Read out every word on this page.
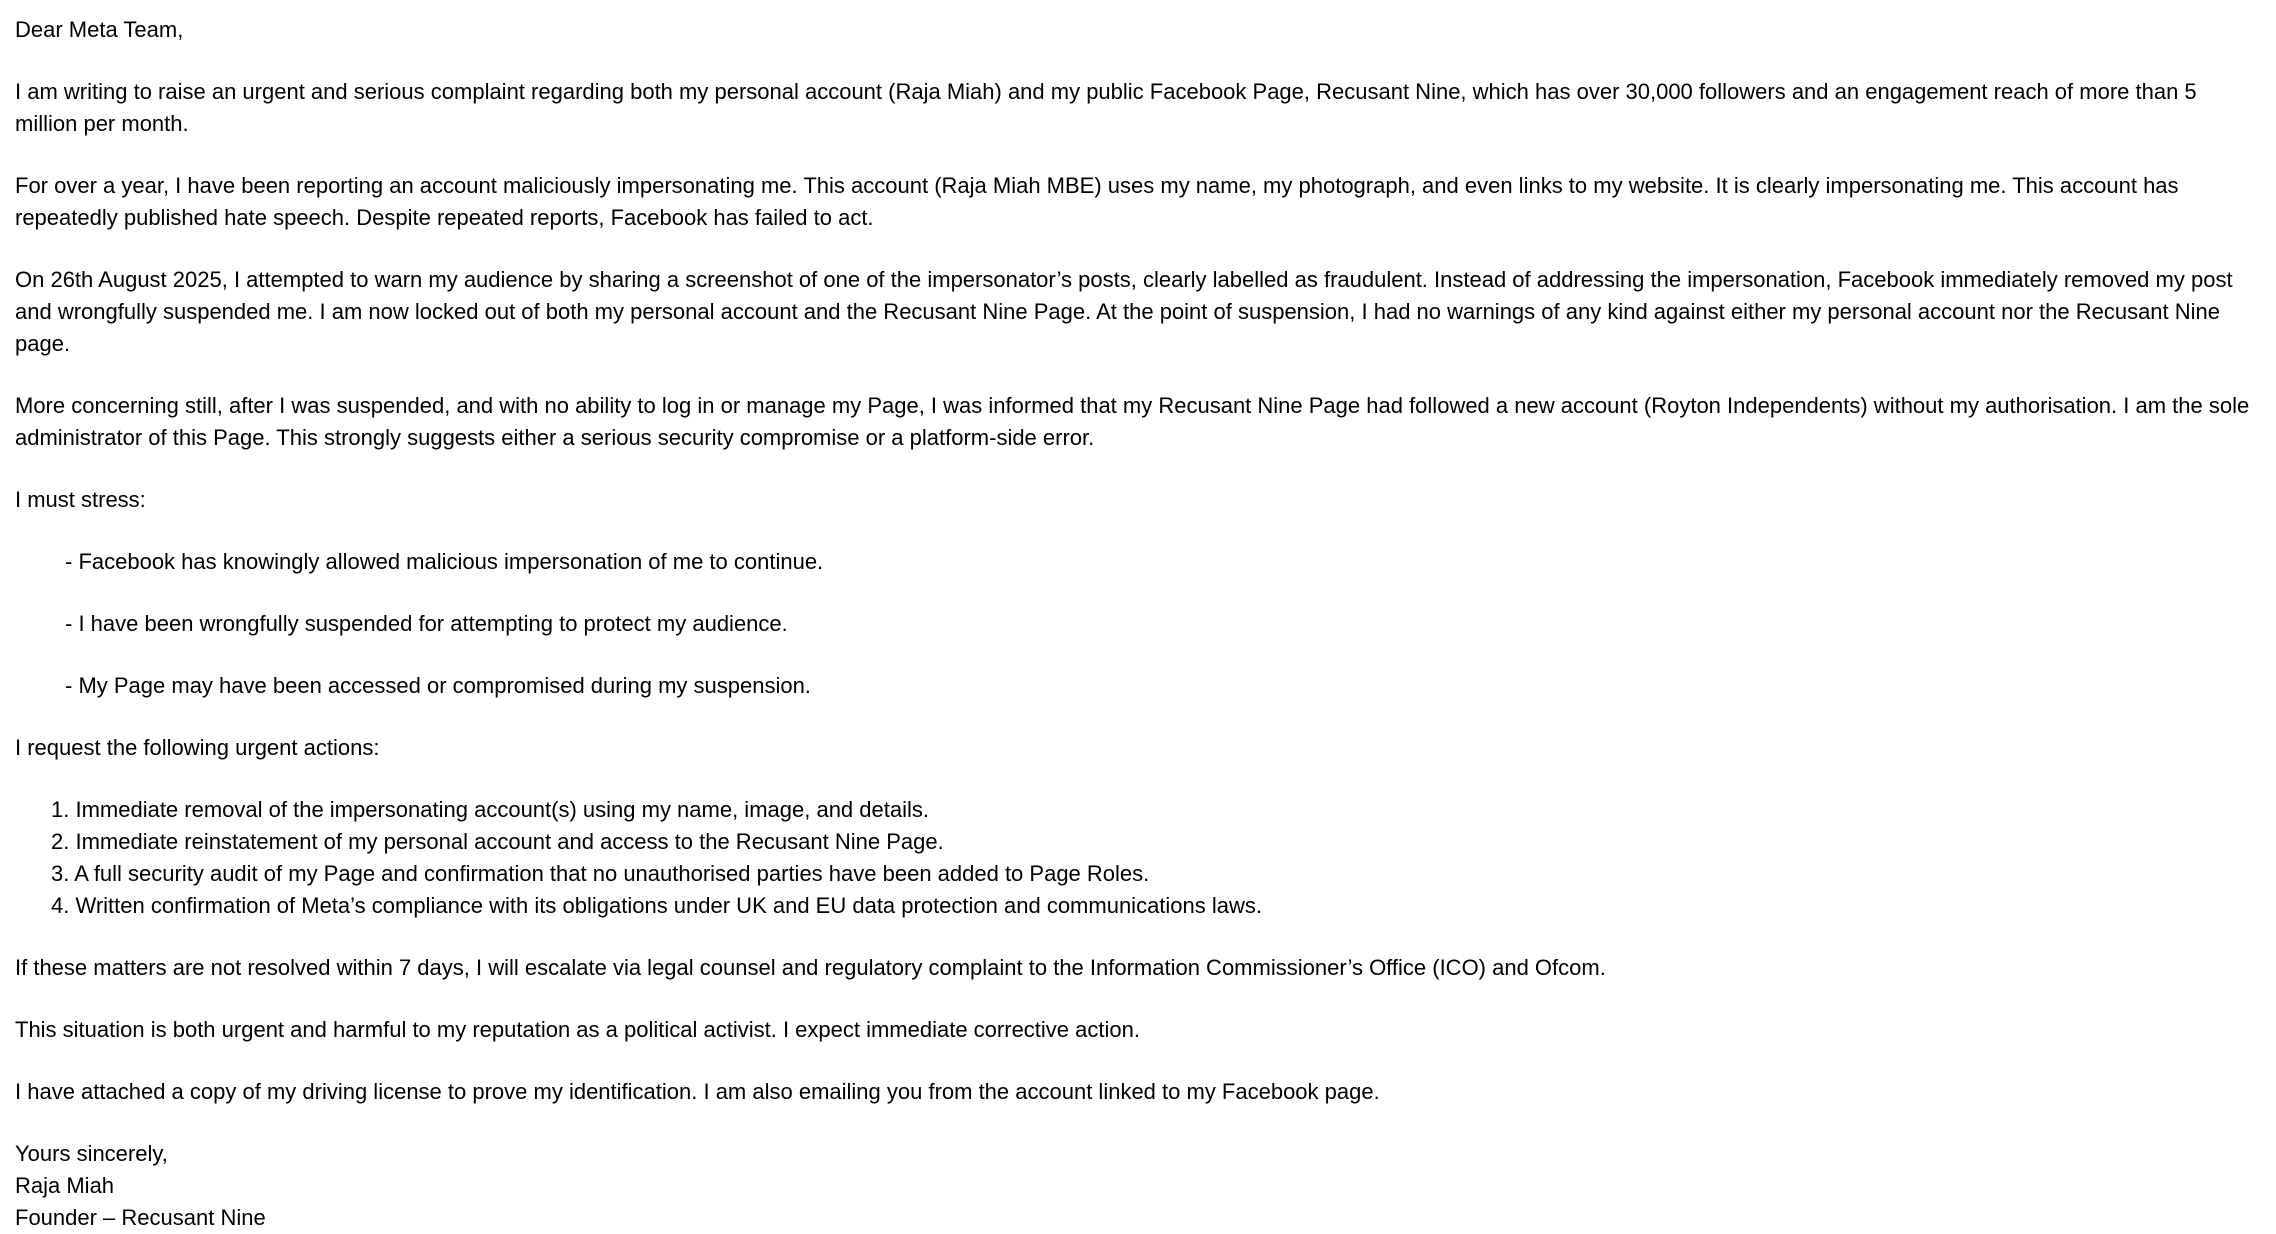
Dear Meta Team,

I am writing to raise an urgent and serious complaint regarding both my personal account (Raja Miah) and my public Facebook Page, Recusant Nine, which has over 30,000 followers and an engagement reach of more than 5 million per month.

For over a year, I have been reporting an account maliciously impersonating me. This account (Raja Miah MBE) uses my name, my photograph, and even links to my website. It is clearly impersonating me. This account has repeatedly published hate speech. Despite repeated reports, Facebook has failed to act.

On 26th August 2025, I attempted to warn my audience by sharing a screenshot of one of the impersonator’s posts, clearly labelled as fraudulent. Instead of addressing the impersonation, Facebook immediately removed my post and wrongfully suspended me. I am now locked out of both my personal account and the Recusant Nine Page. At the point of suspension, I had no warnings of any kind against either my personal account nor the Recusant Nine page.

More concerning still, after I was suspended, and with no ability to log in or manage my Page, I was informed that my Recusant Nine Page had followed a new account (Royton Independents) without my authorisation. I am the sole administrator of this Page. This strongly suggests either a serious security compromise or a platform-side error.

I must stress:

- Facebook has knowingly allowed malicious impersonation of me to continue.

- I have been wrongfully suspended for attempting to protect my audience.

- My Page may have been accessed or compromised during my suspension.

I request the following urgent actions:

1. Immediate removal of the impersonating account(s) using my name, image, and details.

2. Immediate reinstatement of my personal account and access to the Recusant Nine Page.

3. A full security audit of my Page and confirmation that no unauthorised parties have been added to Page Roles.

4. Written confirmation of Meta’s compliance with its obligations under UK and EU data protection and communications laws.

If these matters are not resolved within 7 days, I will escalate via legal counsel and regulatory complaint to the Information Commissioner’s Office (ICO) and Ofcom.

This situation is both urgent and harmful to my reputation as a political activist. I expect immediate corrective action.

I have attached a copy of my driving license to prove my identification. I am also emailing you from the account linked to my Facebook page.

Yours sincerely,

Raja Miah

Founder – Recusant Nine
